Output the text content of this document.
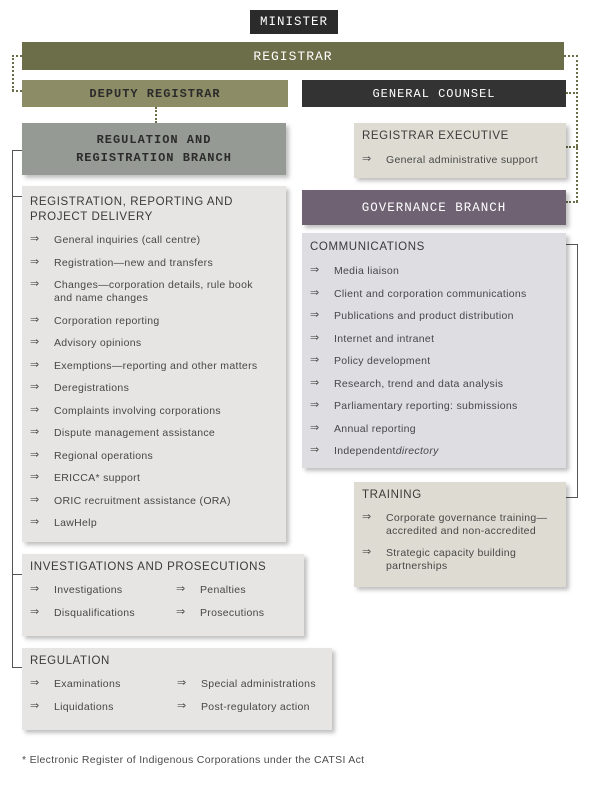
MINISTER
REGISTRAR
DEPUTY REGISTRAR	GENERAL COUNSEL
REGULATION AND
REGISTRATION BRANCH
REGISTRAR EXECUTIVE
⇒ General administrative support
GOVERNANCE BRANCH
REGISTRATION, REPORTING AND
PROJECT DELIVERY
⇒ General inquiries (call centre)
⇒ Registration—new and transfers
⇒ Changes—corporation details, rule book
and name changes
⇒ Corporation reporting
⇒ Advisory opinions
⇒ Exemptions—reporting and other matters
⇒ Deregistrations
⇒ Complaints involving corporations
⇒ Dispute management assistance
⇒ Regional operations
⇒ ERICCA* support
⇒ ORIC recruitment assistance (ORA)
⇒ LawHelp
COMMUNICATIONS
⇒ Media liaison
⇒ Client and corporation communications
⇒ Publications and product distribution
⇒ Internet and intranet
⇒ Policy development
⇒ Research, trend and data analysis
⇒ Parliamentary reporting: submissions
⇒ Annual reporting
⇒ Independentdirectory
TRAINING
⇒ Corporate governance training—
accredited and non-accredited
⇒ Strategic capacity building
partnerships
INVESTIGATIONS AND PROSECUTIONS
⇒ Investigations
⇒ Disqualifications
⇒ Penalties
⇒ Prosecutions
REGULATION
⇒ Examinations
⇒ Liquidations
⇒ Special administrations
⇒ Post-regulatory action
* Electronic Register of Indigenous Corporations under the CATSI Act
